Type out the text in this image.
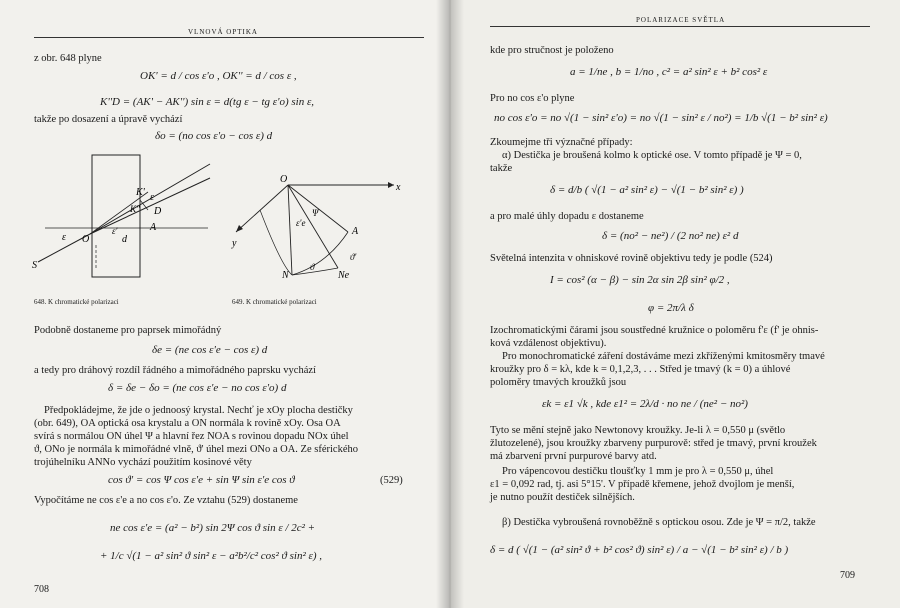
VLNOVÁ OPTIKA
z obr. 648 plyne
OK' = d / cos ε'o , OK'' = d / cos ε ,
K''D = (AK' − AK'') sin ε = d(tg ε − tg ε'o) sin ε,
takže po dosazení a úpravě vychází
δo = (no cos ε'o − cos ε) d
K' ε
K'' D
ε O
ε'
d
A
S
648. K chromatické polarizaci
O
x
y
ε'e
Ψ
A
ϑ'
ϑ
N	Ne
649. K chromatické polarizaci
Podobně dostaneme pro paprsek mimořádný
δe = (ne cos ε'e − cos ε) d
a tedy pro dráhový rozdíl řádného a mimořádného paprsku vychází
δ = δe − δo = (ne cos ε'e − no cos ε'o) d
Předpokládejme, že jde o jednoosý krystal. Nechť je xOy plocha destičky
(obr. 649), OA optická osa krystalu a ON normála k rovině xOy. Osa OA
svírá s normálou ON úhel Ψ a hlavní řez NOA s rovinou dopadu NOx úhel
ϑ, ONo je normála k mimořádné vlně, ϑ' úhel mezi ONo a OA. Ze sférického
trojúhelníku ANNo vychází použitím kosinové věty
cos ϑ' = cos Ψ cos ε'e + sin Ψ sin ε'e cos ϑ	(529)
Vypočítáme ne cos ε'e a no cos ε'o. Ze vztahu (529) dostaneme
ne cos ε'e = (a² − b²) sin 2Ψ cos ϑ sin ε / 2c² +
+ 1/c √(1 − a² sin² ϑ sin² ε − a²b²/c² cos² ϑ sin² ε) ,
708
POLARIZACE SVĚTLA
kde pro stručnost je položeno
a = 1/ne , b = 1/no , c² = a² sin² ε + b² cos² ε
Pro no cos ε'o plyne
no cos ε'o = no √(1 − sin² ε'o) = no √(1 − sin² ε / no²) = 1/b √(1 − b² sin² ε)
Zkoumejme tři význačné případy:
α) Destička je broušená kolmo k optické ose. V tomto případě je Ψ = 0,
takže
δ = d/b ( √(1 − a² sin² ε) − √(1 − b² sin² ε) )
a pro malé úhly dopadu ε dostaneme
δ = (no² − ne²) / (2 no² ne) ε² d
Světelná intenzita v ohniskové rovině objektivu tedy je podle (524)
I = cos² (α − β) − sin 2α sin 2β sin² φ/2 ,
φ = 2π/λ δ
Izochromatickými čárami jsou soustředné kružnice o poloměru f'ε (f' je ohnis-
ková vzdálenost objektivu).
Pro monochromatické záření dostáváme mezi zkříženými kmitosměry tmavé
kroužky pro δ = kλ, kde k = 0,1,2,3, . . . Střed je tmavý (k = 0) a úhlové
poloměry tmavých kroužků jsou
εk = ε1 √k , kde ε1² = 2λ/d · no ne / (ne² − no²)
Tyto se mění stejně jako Newtonovy kroužky. Je-li λ = 0,550 μ (světlo
žlutozelené), jsou kroužky zbarveny purpurově: střed je tmavý, první kroužek
má zbarvení první purpurové barvy atd.
Pro vápencovou destičku tloušťky 1 mm je pro λ = 0,550 μ, úhel
ε1 = 0,092 rad, tj. asi 5°15'. V případě křemene, jehož dvojlom je menší,
je nutno použít destiček silnějších.
β) Destička vybroušená rovnoběžně s optickou osou. Zde je Ψ = π/2, takže
δ = d ( √(1 − (a² sin² ϑ + b² cos² ϑ) sin² ε) / a − √(1 − b² sin² ε) / b )
709
